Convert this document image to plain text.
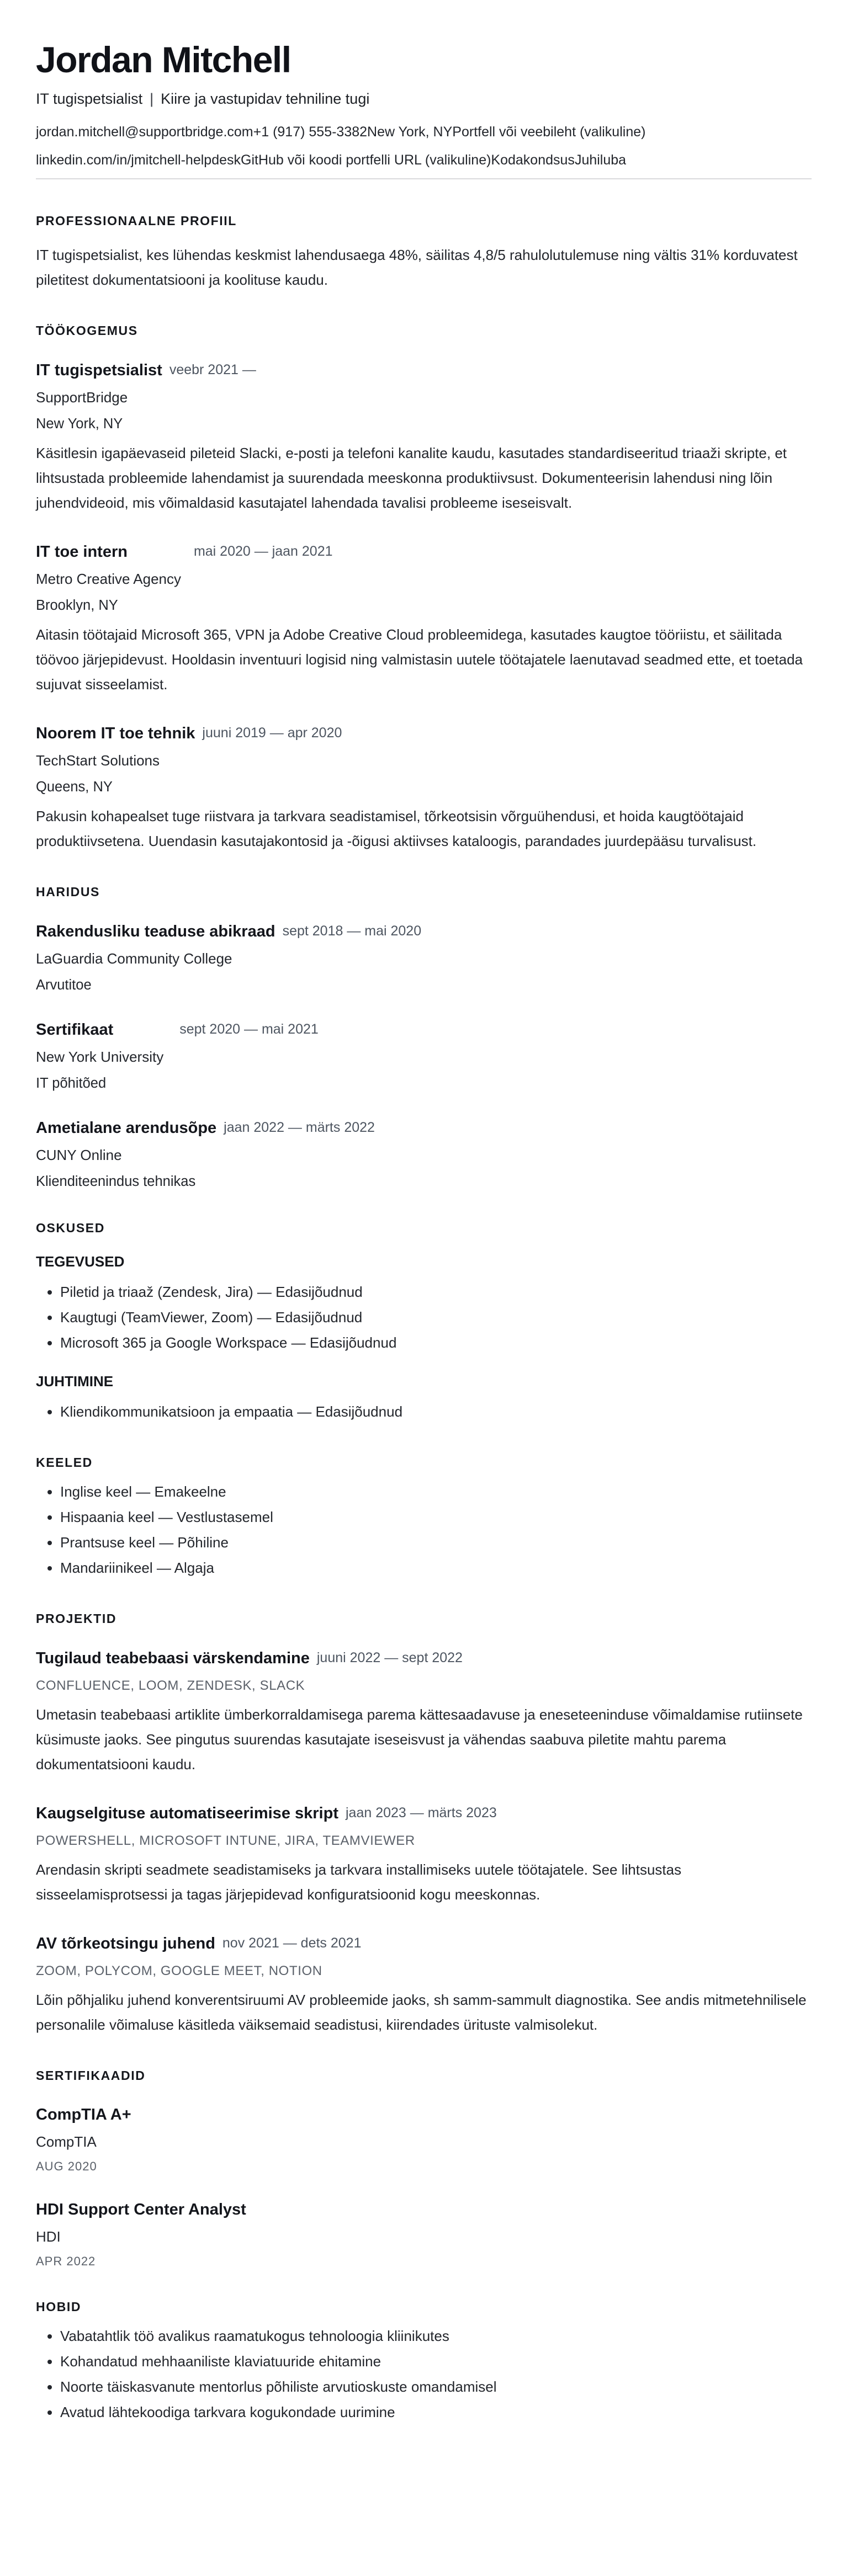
Jordan Mitchell

IT tugispetsialist | Kiire ja vastupidav tehniline tugi

jordan.mitchell@supportbridge.com+1 (917) 555-3382New York, NYPortfell või veebileht (valikuline)

linkedin.com/in/jmitchell-helpdeskGitHub või koodi portfelli URL (valikuline)KodakondsusJuhiluba

PROFESSIONAALNE PROFIIL

IT tugispetsialist, kes lühendas keskmist lahendusaega 48%, säilitas 4,8/5 rahulolutulemuse ning vältis 31% korduvatest piletitest dokumentatsiooni ja koolituse kaudu.

TÖÖKOGEMUS
IT tugispetsialist veebr 2021 —

SupportBridge

New York, NY

Käsitlesin igapäevaseid pileteid Slacki, e-posti ja telefoni kanalite kaudu, kasutades standardiseeritud triaaži skripte, et lihtsustada probleemide lahendamist ja suurendada meeskonna produktiivsust. Dokumenteerisin lahendusi ning lõin juhendvideoid, mis võimaldasid kasutajatel lahendada tavalisi probleeme iseseisvalt.

IT toe intern	mai 2020 — jaan 2021

Metro Creative Agency

Brooklyn, NY

Aitasin töötajaid Microsoft 365, VPN ja Adobe Creative Cloud probleemidega, kasutades kaugtoe tööriistu, et säilitada töövoo järjepidevust. Hooldasin inventuuri logisid ning valmistasin uutele töötajatele laenutavad seadmed ette, et toetada sujuvat sisseelamist.

Noorem IT toe tehnik juuni 2019 — apr 2020

TechStart Solutions

Queens, NY

Pakusin kohapealset tuge riistvara ja tarkvara seadistamisel, tõrkeotsisin võrguühendusi, et hoida kaugtöötajaid produktiivsetena. Uuendasin kasutajakontosid ja -õigusi aktiivses kataloogis, parandades juurdepääsu turvalisust.

HARIDUS
Rakendusliku teaduse abikraad sept 2018 — mai 2020

LaGuardia Community College

Arvutitoe

Sertifikaat	sept 2020 — mai 2021

New York University

IT põhitõed

Ametialane arendusõpe jaan 2022 — märts 2022

CUNY Online

Klienditeenindus tehnikas

OSKUSED
TEGEVUSED
• Piletid ja triaaž (Zendesk, Jira) — Edasijõudnud
• Kaugtugi (TeamViewer, Zoom) — Edasijõudnud
• Microsoft 365 ja Google Workspace — Edasijõudnud
JUHTIMINE
• Kliendikommunikatsioon ja empaatia — Edasijõudnud
KEELED
• Inglise keel — Emakeelne
• Hispaania keel — Vestlustasemel
• Prantsuse keel — Põhiline
• Mandariinikeel — Algaja
PROJEKTID
Tugilaud teabebaasi värskendamine juuni 2022 — sept 2022

CONFLUENCE, LOOM, ZENDESK, SLACK

Umetasin teabebaasi artiklite ümberkorraldamisega parema kättesaadavuse ja eneseteeninduse võimaldamise rutiinsete küsimuste jaoks. See pingutus suurendas kasutajate iseseisvust ja vähendas saabuva piletite mahtu parema dokumentatsiooni kaudu.

Kaugselgituse automatiseerimise skript jaan 2023 — märts 2023

POWERSHELL, MICROSOFT INTUNE, JIRA, TEAMVIEWER

Arendasin skripti seadmete seadistamiseks ja tarkvara installimiseks uutele töötajatele. See lihtsustas sisseelamisprotsessi ja tagas järjepidevad konfiguratsioonid kogu meeskonnas.

AV tõrkeotsingu juhend nov 2021 — dets 2021

ZOOM, POLYCOM, GOOGLE MEET, NOTION

Lõin põhjaliku juhend konverentsiruumi AV probleemide jaoks, sh samm-sammult diagnostika. See andis mitmetehnilisele personalile võimaluse käsitleda väiksemaid seadistusi, kiirendades ürituste valmisolekut.

SERTIFIKAADID
CompTIA A+

CompTIA

AUG 2020

HDI Support Center Analyst

HDI

APR 2022

HOBID
• Vabatahtlik töö avalikus raamatukogus tehnoloogia kliinikutes
• Kohandatud mehhaaniliste klaviatuuride ehitamine
• Noorte täiskasvanute mentorlus põhiliste arvutioskuste omandamisel
• Avatud lähtekoodiga tarkvara kogukondade uurimine
